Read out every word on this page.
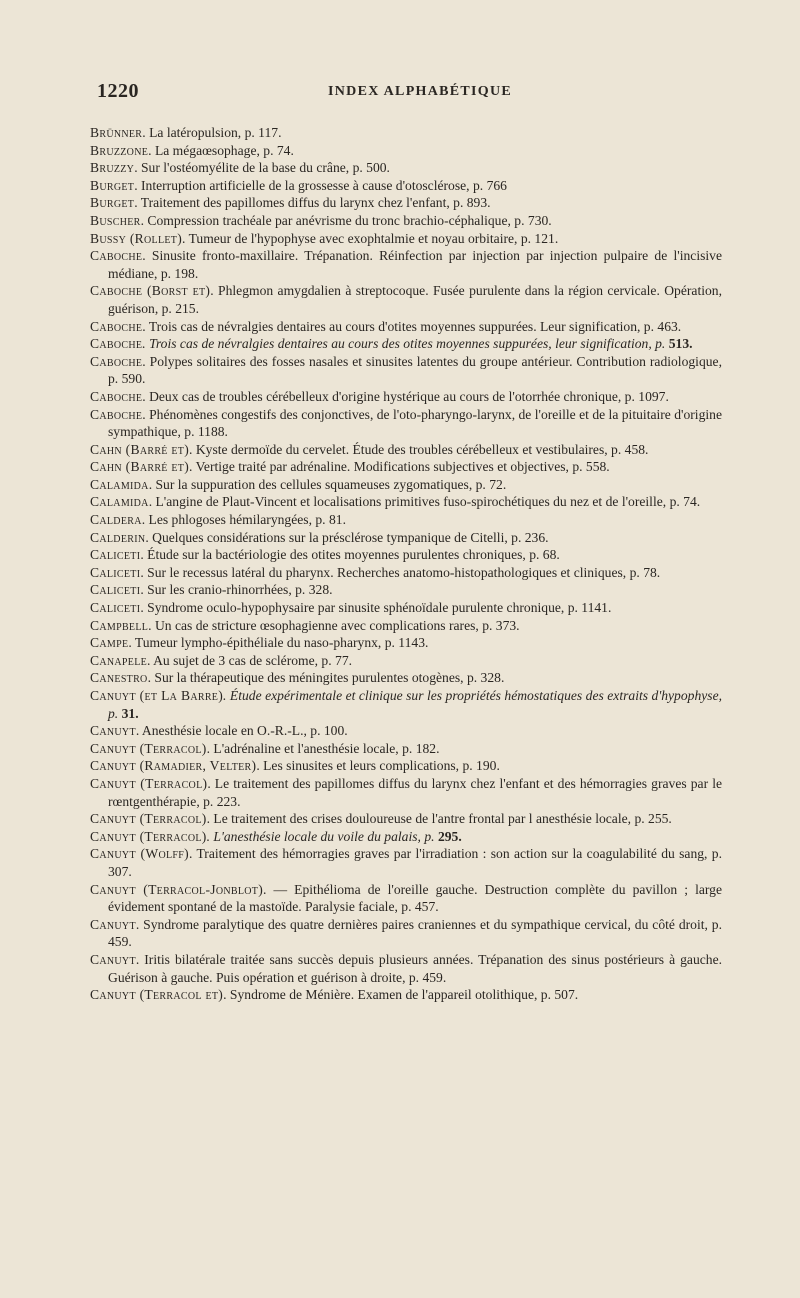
1220	INDEX ALPHABÉTIQUE

Brünner. La latéropulsion, p. 117.

Bruzzone. La mégaœsophage, p. 74.

Bruzzy. Sur l'ostéomyélite de la base du crâne, p. 500.

Burget. Interruption artificielle de la grossesse à cause d'otosclérose, p. 766

Burget. Traitement des papillomes diffus du larynx chez l'enfant, p. 893.

Buscher. Compression trachéale par anévrisme du tronc brachio-céphalique, p. 730.

Bussy (Rollet). Tumeur de l'hypophyse avec exophtalmie et noyau orbitaire, p. 121.

Caboche. Sinusite fronto-maxillaire. Trépanation. Réinfection par injection par injection pulpaire de l'incisive médiane, p. 198.

Caboche (Borst et). Phlegmon amygdalien à streptocoque. Fusée purulente dans la région cervicale. Opération, guérison, p. 215.

Caboche. Trois cas de névralgies dentaires au cours d'otites moyennes suppurées. Leur signification, p. 463.

Caboche. Trois cas de névralgies dentaires au cours des otites moyennes suppurées, leur signification, p. 513.

Caboche. Polypes solitaires des fosses nasales et sinusites latentes du groupe antérieur. Contribution radiologique, p. 590.

Caboche. Deux cas de troubles cérébelleux d'origine hystérique au cours de l'otorrhée chronique, p. 1097.

Caboche. Phénomènes congestifs des conjonctives, de l'oto-pharyngo-larynx, de l'oreille et de la pituitaire d'origine sympathique, p. 1188.

Cahn (Barré et). Kyste dermoïde du cervelet. Étude des troubles cérébelleux et vestibulaires, p. 458.

Cahn (Barré et). Vertige traité par adrénaline. Modifications subjectives et objectives, p. 558.

Calamida. Sur la suppuration des cellules squameuses zygomatiques, p. 72.

Calamida. L'angine de Plaut-Vincent et localisations primitives fuso-spirochétiques du nez et de l'oreille, p. 74.

Caldera. Les phlogoses hémilaryngées, p. 81.

Calderin. Quelques considérations sur la présclérose tympanique de Citelli, p. 236.

Caliceti. Étude sur la bactériologie des otites moyennes purulentes chroniques, p. 68.

Caliceti. Sur le recessus latéral du pharynx. Recherches anatomo-histopathologiques et cliniques, p. 78.

Caliceti. Sur les cranio-rhinorrhées, p. 328.

Caliceti. Syndrome oculo-hypophysaire par sinusite sphénoïdale purulente chronique, p. 1141.

Campbell. Un cas de stricture œsophagienne avec complications rares, p. 373.

Campe. Tumeur lympho-épithéliale du naso-pharynx, p. 1143.

Canapele. Au sujet de 3 cas de sclérome, p. 77.

Canestro. Sur la thérapeutique des méningites purulentes otogènes, p. 328.

Canuyt (et La Barre). Étude expérimentale et clinique sur les propriétés hémostatiques des extraits d'hypophyse, p. 31.

Canuyt. Anesthésie locale en O.-R.-L., p. 100.

Canuyt (Terracol). L'adrénaline et l'anesthésie locale, p. 182.

Canuyt (Ramadier, Velter). Les sinusites et leurs complications, p. 190.

Canuyt (Terracol). Le traitement des papillomes diffus du larynx chez l'enfant et des hémorragies graves par le rœntgenthérapie, p. 223.

Canuyt (Terracol). Le traitement des crises douloureuse de l'antre frontal par l anesthésie locale, p. 255.

Canuyt (Terracol). L'anesthésie locale du voile du palais, p. 295.

Canuyt (Wolff). Traitement des hémorragies graves par l'irradiation : son action sur la coagulabilité du sang, p. 307.

Canuyt (Terracol-Jonblot). — Epithélioma de l'oreille gauche. Destruction complète du pavillon ; large évidement spontané de la mastoïde. Paralysie faciale, p. 457.

Canuyt. Syndrome paralytique des quatre dernières paires craniennes et du sympathique cervical, du côté droit, p. 459.

Canuyt. Iritis bilatérale traitée sans succès depuis plusieurs années. Trépanation des sinus postérieurs à gauche. Guérison à gauche. Puis opération et guérison à droite, p. 459.

Canuyt (Terracol et). Syndrome de Ménière. Examen de l'appareil otolithique, p. 507.
